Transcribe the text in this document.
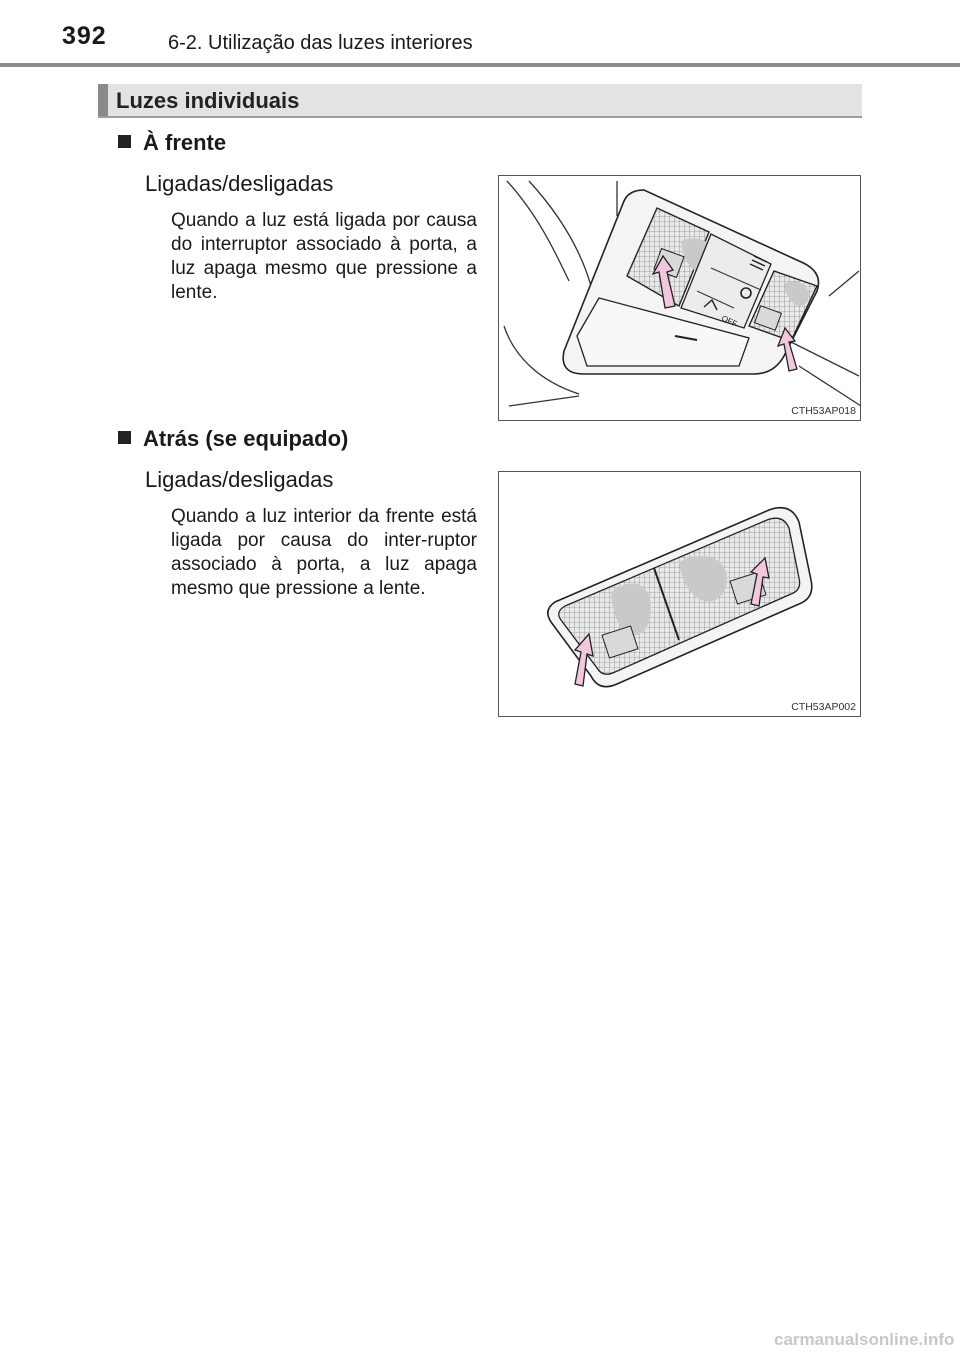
392	6-2. Utilização das luzes interiores
Luzes individuais
À frente
Ligadas/desligadas
Quando a luz está ligada por causa do interruptor associado à porta, a luz apaga mesmo que pressione a lente.
OFF
CTH53AP018
Atrás (se equipado)
Ligadas/desligadas
Quando a luz interior da frente está ligada por causa do inter-ruptor associado à porta, a luz apaga mesmo que pressione a lente.
CTH53AP002
carmanualsonline.info
